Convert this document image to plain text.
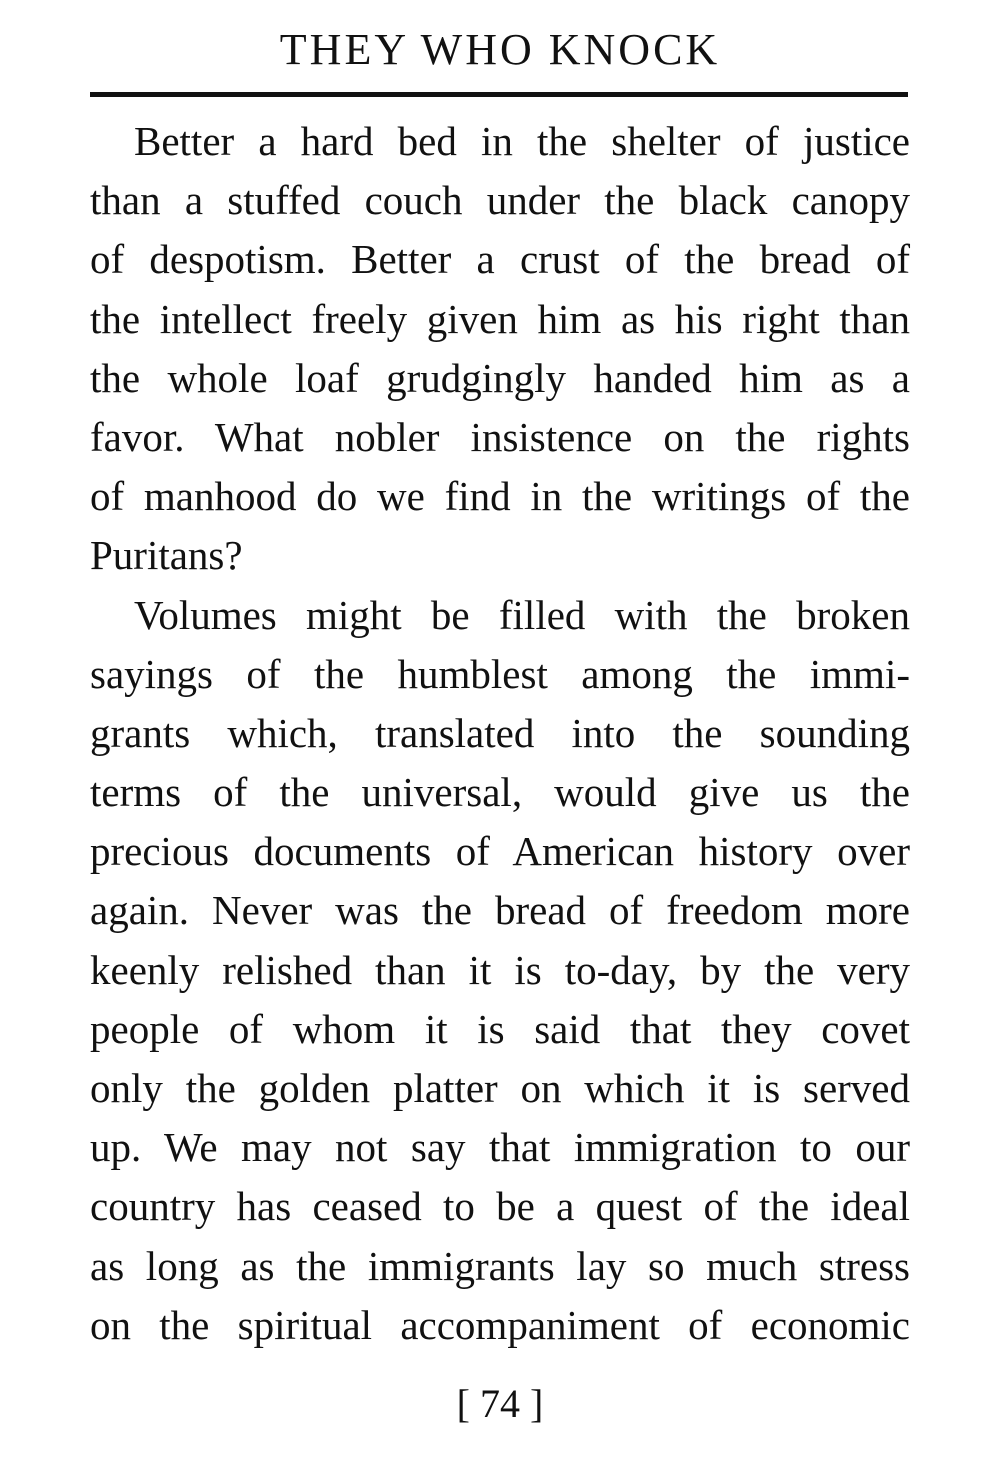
THEY WHO KNOCK
Better a hard bed in the shelter of justice
than a stuffed couch under the black canopy
of despotism. Better a crust of the bread of
the intellect freely given him as his right than
the whole loaf grudgingly handed him as a
favor. What nobler insistence on the rights
of manhood do we find in the writings of the
Puritans?
Volumes might be filled with the broken
sayings of the humblest among the immi-
grants which, translated into the sounding
terms of the universal, would give us the
precious documents of American history over
again. Never was the bread of freedom more
keenly relished than it is to-day, by the very
people of whom it is said that they covet
only the golden platter on which it is served
up. We may not say that immigration to our
country has ceased to be a quest of the ideal
as long as the immigrants lay so much stress
on the spiritual accompaniment of economic
[ 74 ]
